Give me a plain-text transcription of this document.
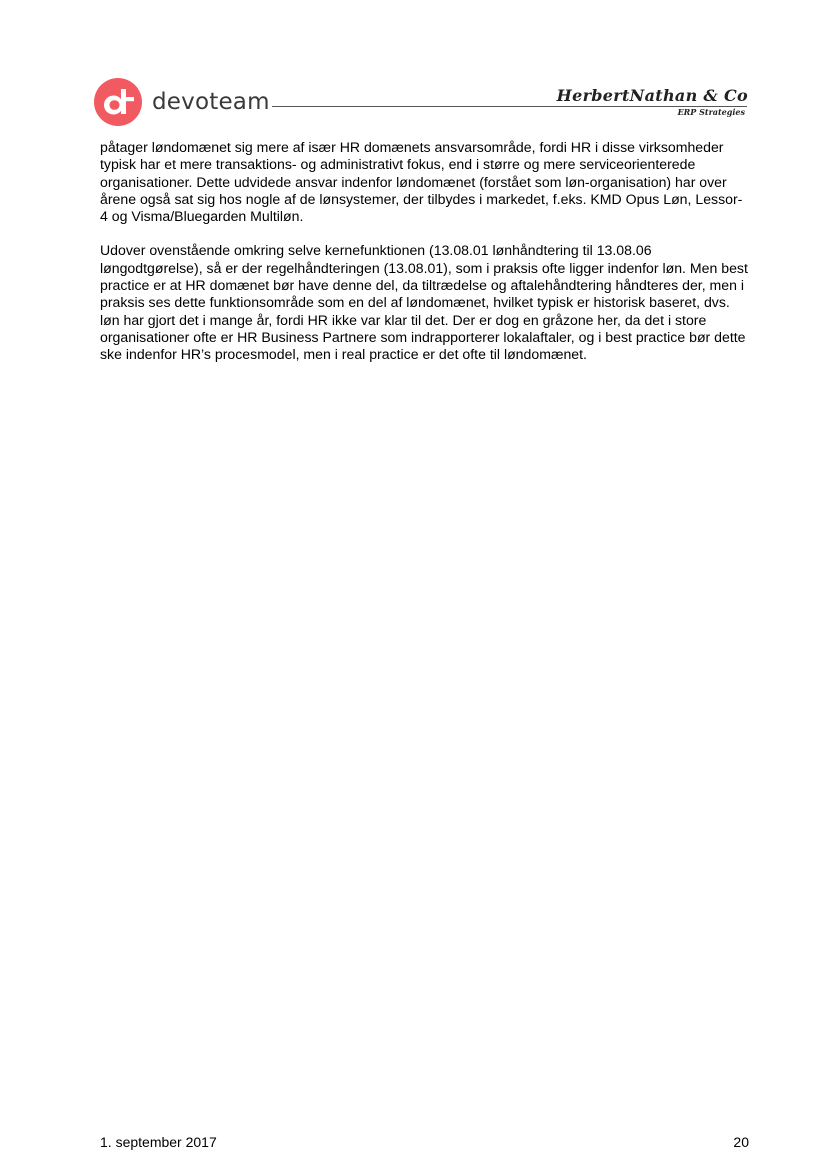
devoteam	HerbertNathan & Co
ERP Strategies

påtager løndomænet sig mere af især HR domænets ansvarsområde, fordi HR i disse virksomheder typisk har et mere transaktions- og administrativt fokus, end i større og mere serviceorienterede organisationer. Dette udvidede ansvar indenfor løndomænet (forstået som løn-organisation) har over årene også sat sig hos nogle af de lønsystemer, der tilbydes i markedet, f.eks. KMD Opus Løn, Lessor-4 og Visma/Bluegarden Multiløn.

Udover ovenstående omkring selve kernefunktionen (13.08.01 lønhåndtering til 13.08.06 løngodtgørelse), så er der regelhåndteringen (13.08.01), som i praksis ofte ligger indenfor løn. Men best practice er at HR domænet bør have denne del, da tiltrædelse og aftalehåndtering håndteres der, men i praksis ses dette funktionsområde som en del af løndomænet, hvilket typisk er historisk baseret, dvs. løn har gjort det i mange år, fordi HR ikke var klar til det. Der er dog en gråzone her, da det i store organisationer ofte er HR Business Partnere som indrapporterer lokalaftaler, og i best practice bør dette ske indenfor HR’s procesmodel, men i real practice er det ofte til løndomænet.

1. september 2017	20
